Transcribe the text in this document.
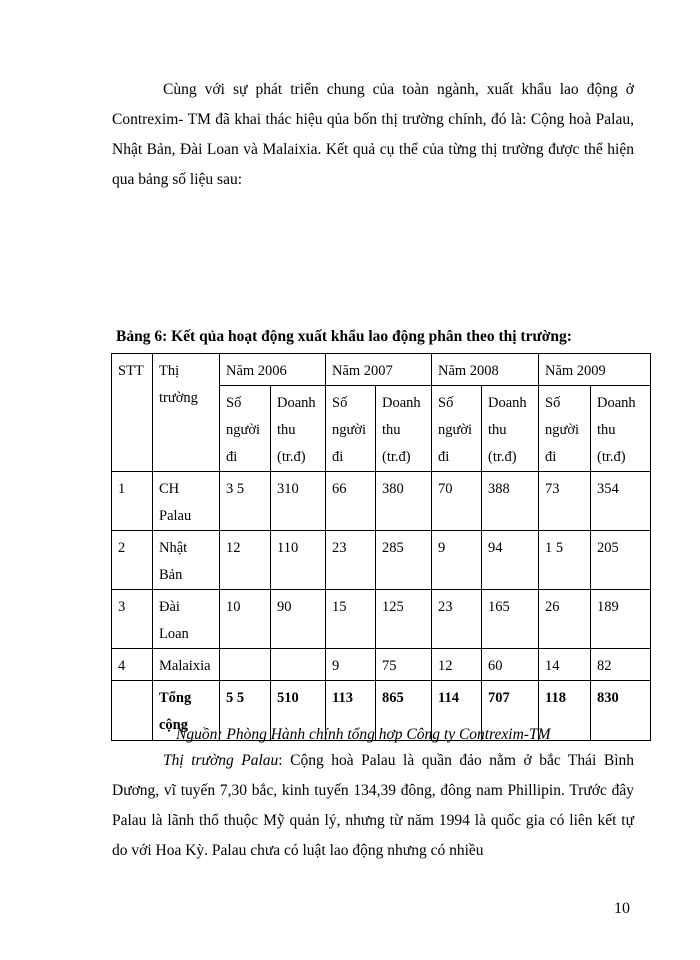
Cùng với sự phát triển chung của toàn ngành, xuất khẩu lao động ở Contrexim- TM đã khai thác hiệu qủa bốn thị trường chính, đó là: Cộng hoà Palau, Nhật Bản, Đài Loan và Malaixia. Kết quả cụ thể của từng thị trường được thể hiện qua bảng số liệu sau:

Bảng 6: Kết qủa hoạt động xuất khẩu lao động phân theo thị trường:

STT	Thị trường	Năm 2006		Năm 2007		Năm 2008		Năm 2009	
		Số người đi	Doanh thu (tr.đ)	Số người đi	Doanh thu (tr.đ)	Số người đi	Doanh thu (tr.đ)	Số người đi	Doanh thu (tr.đ)
1	CH Palau	3 5	310	66	380	70	388	73	354
2	Nhật Bản	12	110	23	285	9	94	1 5	205
3	Đài Loan	10	90	15	125	23	165	26	189
4	Malaixia			9	75	12	60	14	82
	Tổng cộng	5 5	510	113	865	114	707	118	830

Nguồn: Phòng Hành chính tổng hợp Công ty Contrexim-TM

Thị trường Palau: Cộng hoà Palau là quần đảo nằm ở bắc Thái Bình Dương, vĩ tuyến 7,30 bắc, kinh tuyến 134,39 đông, đông nam Phillipin. Trước đây Palau là lãnh thổ thuộc Mỹ quản lý, nhưng từ năm 1994 là quốc gia có liên kết tự do với Hoa Kỳ. Palau chưa có luật lao động nhưng có nhiều

10
